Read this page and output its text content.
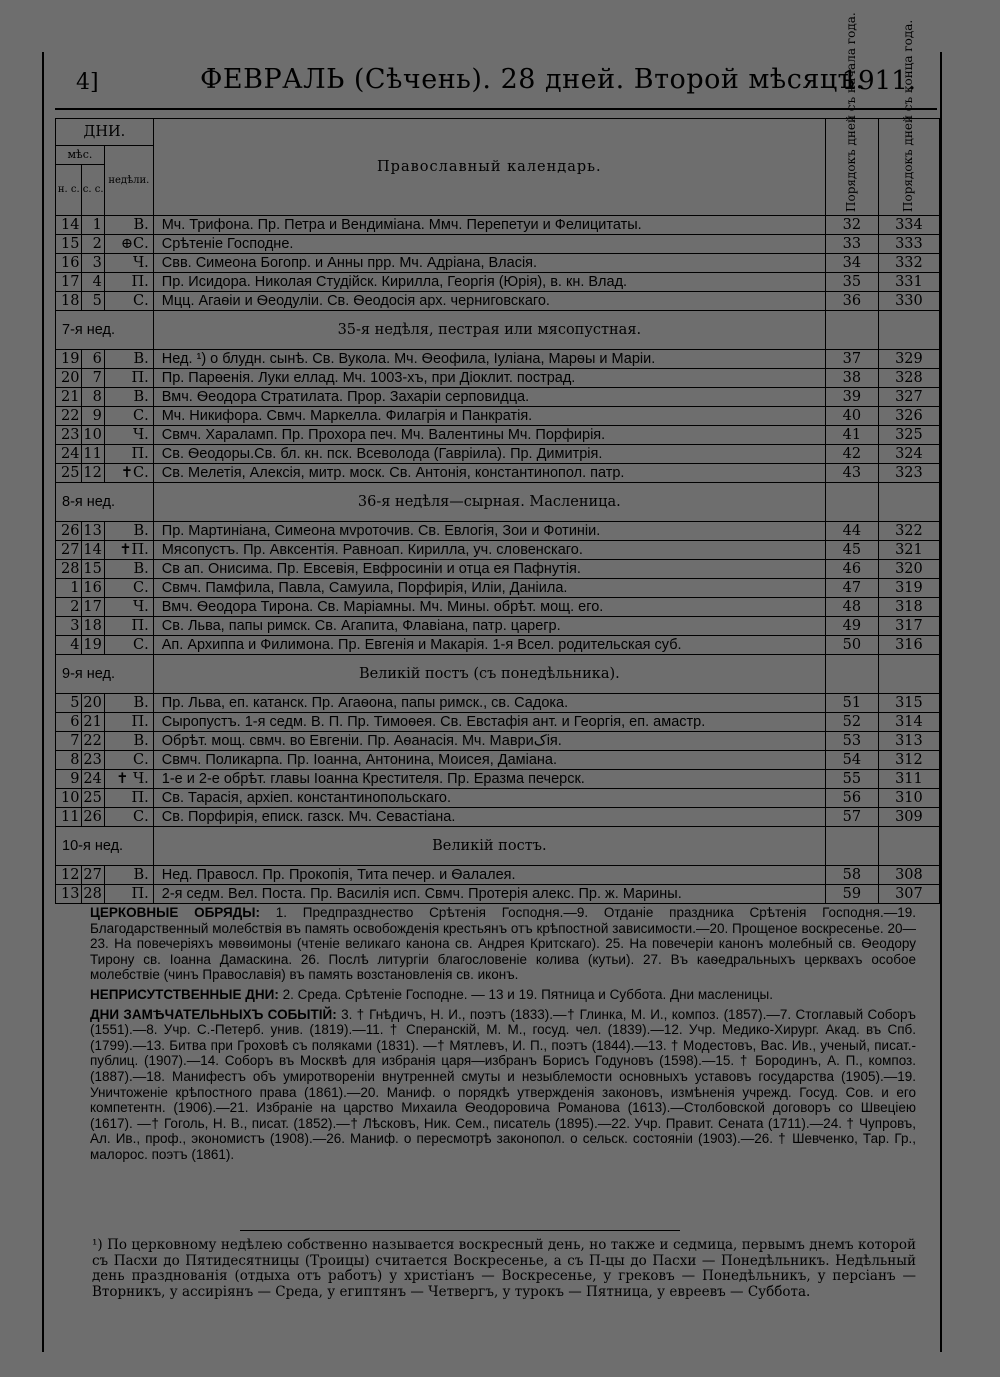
4]	ФЕВРАЛЬ (Сѣчень). 28 дней. Второй мѣсяцъ.
1911.
ДНИ.			Православный календарь.	Порядокъ дней съ начала года.	Порядокъ дней съ конца года.

мѣс.		недѣли.			
н. с.	с. с.				
14	1	В.	Мч. Трифона. Пр. Петра и Вендиміана. Ммч. Перепетуи и Фелицитаты.	32	334
15	2	⊕С.	Срѣтеніе Господне.	33	333
16	3	Ч.	Свв. Симеона Богопр. и Анны прр. Мч. Адріана, Власія.	34	332
17	4	П.	Пр. Исидора. Николая Студійск. Кирилла, Георгія (Юрія), в. кн. Влад.	35	331
18	5	С.	Мцц. Агаѳіи и Ѳеодуліи. Св. Ѳеодосія арх. черниговскаго.	36	330
7-я нед.			35-я недѣля, пестрая или мясопустная.		
19	6	В.	Нед. ¹) о блудн. сынѣ. Св. Вукола. Мч. Ѳеофила, Іуліана, Марѳы и Маріи.	37	329
20	7	П.	Пр. Парѳенія. Луки еллад. Мч. 1003-хъ, при Діоклит. пострад.	38	328
21	8	В.	Вмч. Ѳеодора Стратилата. Прор. Захаріи серповидца.	39	327
22	9	С.	Мч. Никифора. Свмч. Маркелла. Филагрія и Панкратія.	40	326
23	10	Ч.	Свмч. Хараламп. Пр. Прохора печ. Мч. Валентины Мч. Порфирія.	41	325
24	11	П.	Св. Ѳеодоры.Св. бл. кн. пск. Всеволода (Гавріила). Пр. Димитрія.	42	324
25	12	✝С.	Св. Мелетія, Алексія, митр. моск. Св. Антонія, константинопол. патр.	43	323
8-я нед.			36-я недѣля—сырная. Масленица.		
26	13	В.	Пр. Мартиніана, Симеона мvроточив. Св. Евлогія, Зои и Фотиніи.	44	322
27	14	✝П.	Мясопустъ. Пр. Авксентія. Равноап. Кирилла, уч. словенскаго.	45	321
28	15	В.	Св ап. Онисима. Пр. Евсевія, Евфросиніи и отца ея Пафнутія.	46	320
1	16	С.	Свмч. Памфила, Павла, Самуила, Порфирія, Иліи, Даніила.	47	319
2	17	Ч.	Вмч. Ѳеодора Тирона. Св. Маріамны. Мч. Мины. обрѣт. мощ. его.	48	318
3	18	П.	Св. Льва, папы римск. Св. Агапита, Флавіана, патр. царегр.	49	317
4	19	С.	Ап. Архиппа и Филимона. Пр. Евгенія и Макарія. 1-я Всел. родительская суб.	50	316
9-я нед.			Великій постъ (съ понедѣльника).		
5	20	В.	Пр. Льва, еп. катанск. Пр. Агаѳона, папы римск., св. Садока.	51	315
6	21	П.	Сыропустъ. 1-я седм. В. П. Пр. Тимоѳея. Св. Евстафія ант. и Георгія, еп. амастр.	52	314
7	22	В.	Обрѣт. мощ. свмч. во Евгеніи. Пр. Аѳанасія. Мч. Мавриکія.	53	313
8	23	С.	Свмч. Поликарпа. Пр. Іоанна, Антонина, Моисея, Даміана.	54	312
9	24	✝ Ч.	1-е и 2-е обрѣт. главы Іоанна Крестителя. Пр. Еразма печерск.	55	311
10	25	П.	Св. Тарасія, архіеп. константинопольскаго.	56	310
11	26	С.	Св. Порфирія, еписк. газск. Мч. Севастіана.	57	309
10-я нед.			Великій постъ.		
12	27	В.	Нед. Правосл. Пр. Прокопія, Тита печер. и Ѳалалея.	58	308
13	28	П.	2-я седм. Вел. Поста. Пр. Василія исп. Свмч. Протерія алекс. Пр. ж. Марины.	59	307

ЦЕРКОВНЫЕ ОБРЯДЫ: 1. Предпразднество Срѣтенія Господня.—9. Отданіе праздника Срѣтенія Господня.—19. Благодарственный молебствія въ память освобожденія крестьянъ отъ крѣпостной зависимости.—20. Прощеное воскресенье. 20—23. На повечеріяхъ мѳвѳимоны (чтеніе великаго канона св. Андрея Критскаго). 25. На повечеріи канонъ молебный св. Ѳеодору Тирону св. Іоанна Дамаскина. 26. Послѣ литургіи благословеніе колива (кутьи). 27. Въ каѳедральныхъ церквахъ особое молебствіе (чинъ Православія) въ память возстановленія св. иконъ.

НЕПРИСУТСТВЕННЫЕ ДНИ: 2. Среда. Срѣтеніе Господне. — 13 и 19. Пятница и Суббота. Дни масленицы.

ДНИ ЗАМѢЧАТЕЛЬНЫХЪ СОБЫТІЙ: 3. † Гнѣдичъ, Н. И., поэтъ (1833).—† Глинка, М. И., композ. (1857).—7. Стоглавый Соборъ (1551).—8. Учр. С.-Петерб. унив. (1819).—11. † Сперанскій, М. М., госуд. чел. (1839).—12. Учр. Медико-Хирург. Акад. въ Спб. (1799).—13. Битва при Гроховѣ съ поляками (1831). —† Мятлевъ, И. П., поэтъ (1844).—13. † Модестовъ, Вас. Ив., ученый, писат.-публиц. (1907).—14. Соборъ въ Москвѣ для избранія царя—избранъ Борисъ Годуновъ (1598).—15. † Бородинъ, А. П., композ. (1887).—18. Манифестъ объ умиротвореніи внутренней смуты и незыблемости основныхъ уставовъ государства (1905).—19. Уничтоженіе крѣпостного права (1861).—20. Маниф. о порядкѣ утвержденія законовъ, измѣненія учрежд. Госуд. Сов. и его компетентн. (1906).—21. Избраніе на царство Михаила Ѳеодоровича Романова (1613).—Столбовской договоръ со Швеціею (1617). —† Гоголь, Н. В., писат. (1852).—† Лѣсковъ, Ник. Сем., писатель (1895).—22. Учр. Правит. Сената (1711).—24. † Чупровъ, Ал. Ив., проф., экономистъ (1908).—26. Маниф. о пересмотрѣ законопол. о сельск. состояніи (1903).—26. † Шевченко, Тар. Гр., малорос. поэтъ (1861).

¹) По церковному недѣлею собственно называется воскресный день, но также и седмица, первымъ днемъ которой съ Пасхи до Пятидесятницы (Троицы) считается Воскресенье, а съ П-цы до Пасхи — Понедѣльникъ. Недѣльный день празднованія (отдыха отъ работъ) у христіанъ — Воскресенье, у грековъ — Понедѣльникъ, у персіанъ — Вторникъ, у ассиріянъ — Среда, у египтянъ — Четвергъ, у турокъ — Пятница, у евреевъ — Суббота.
